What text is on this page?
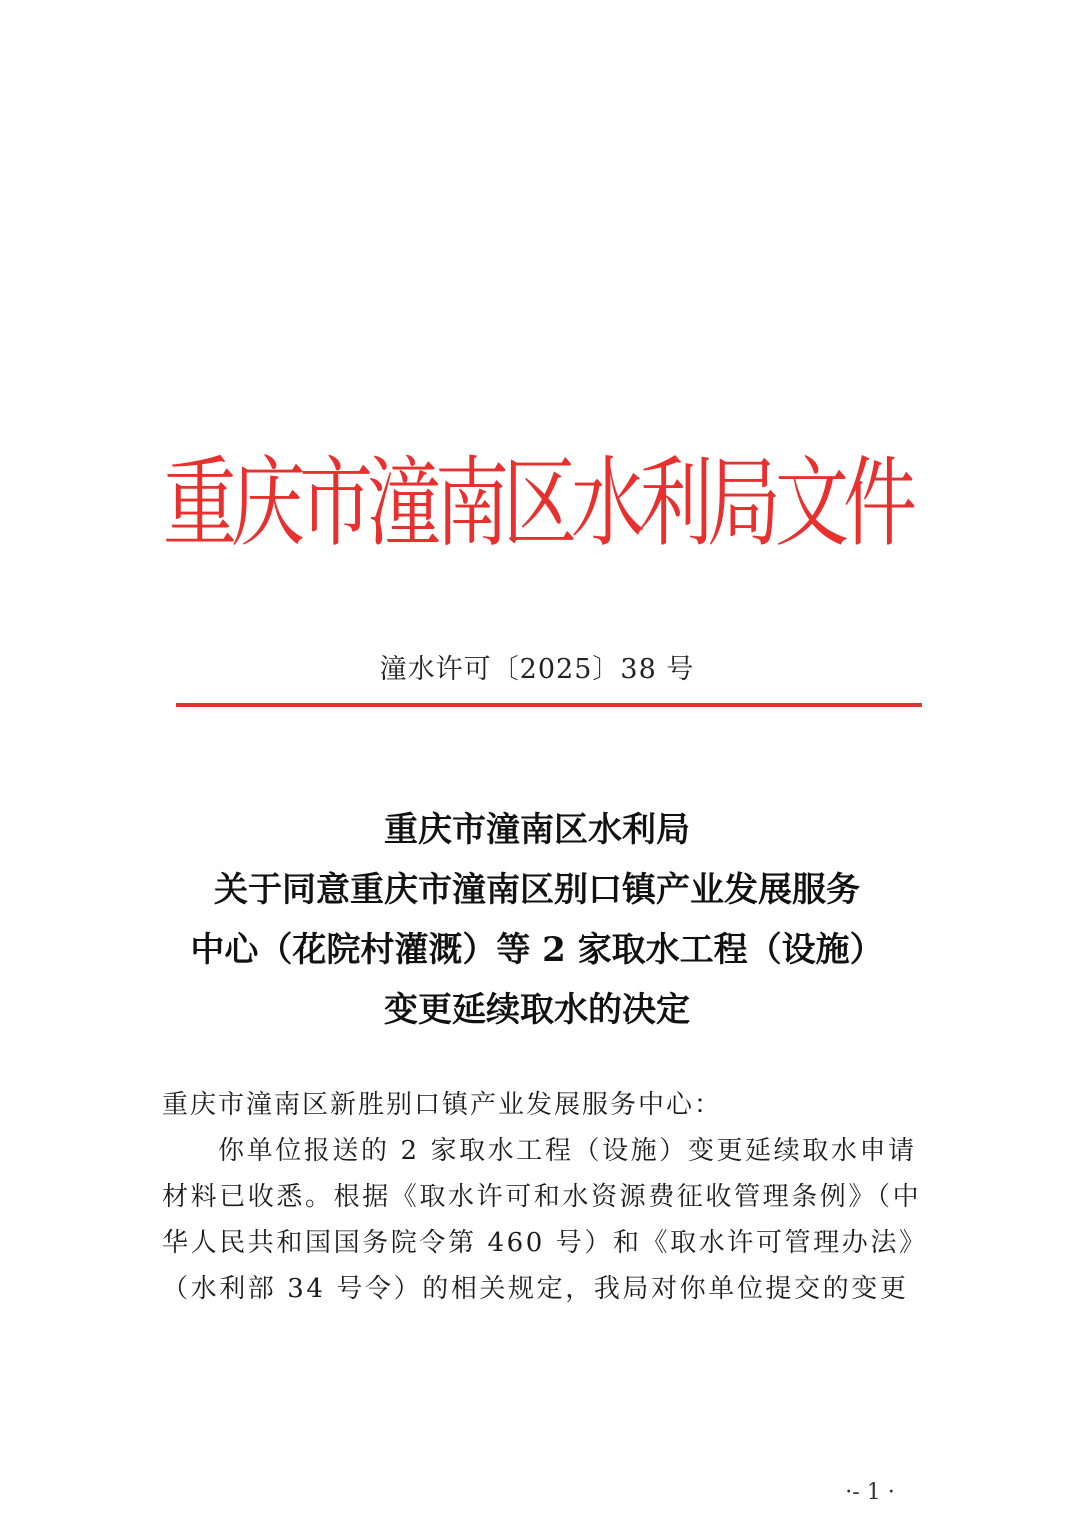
重庆市潼南区水利局文件
潼水许可〔2025〕38 号
重庆市潼南区水利局
关于同意重庆市潼南区别口镇产业发展服务
中心（花院村灌溉）等 2 家取水工程（设施）
变更延续取水的决定
重庆市潼南区新胜别口镇产业发展服务中心：
你单位报送的 2 家取水工程（设施）变更延续取水申请
材料已收悉。根据《取水许可和水资源费征收管理条例》（中
华人民共和国国务院令第 460 号）和《取水许可管理办法》
（水利部 34 号令）的相关规定，我局对你单位提交的变更
·- 1 ·
